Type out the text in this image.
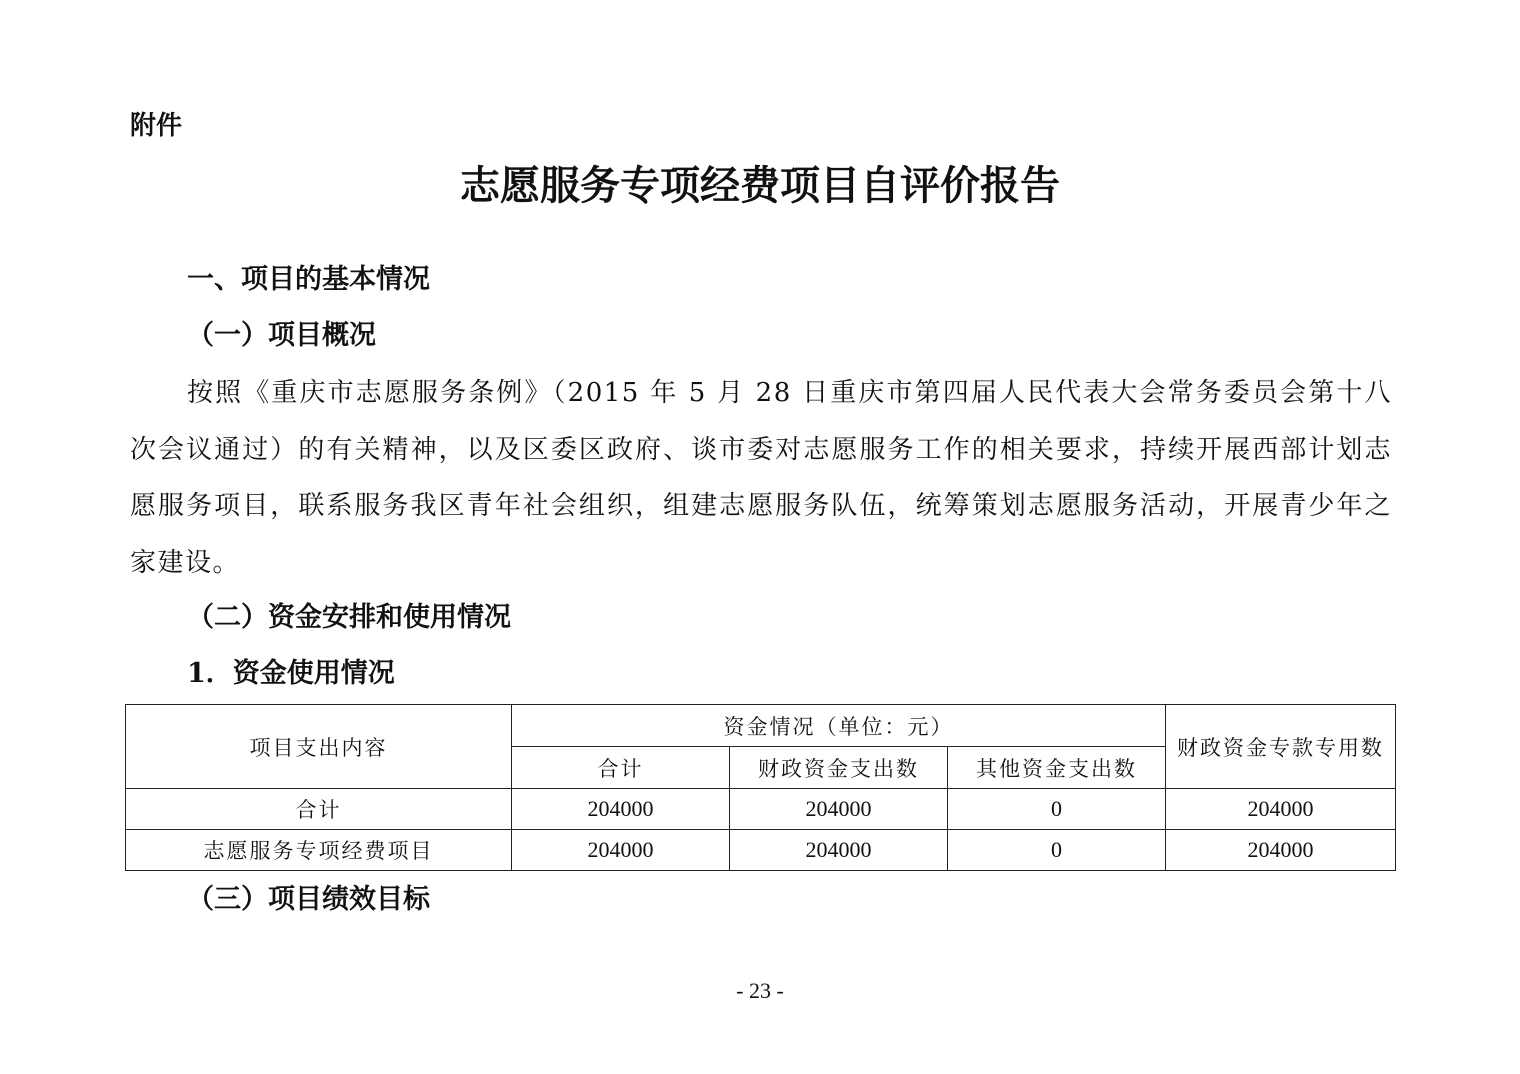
附件
志愿服务专项经费项目自评价报告
一、项目的基本情况
（一）项目概况
按照《重庆市志愿服务条例》（2015 年 5 月 28 日重庆市第四届人民代表大会常务委员会第十八次会议通过）的有关精神，以及区委区政府、谈市委对志愿服务工作的相关要求，持续开展西部计划志愿服务项目，联系服务我区青年社会组织，组建志愿服务队伍，统筹策划志愿服务活动，开展青少年之家建设。
（二）资金安排和使用情况
1．资金使用情况
项目支出内容	资金情况（单位：元）			财政资金专款专用数
	合计	财政资金支出数	其他资金支出数	
合计	204000	204000	0	204000
志愿服务专项经费项目	204000	204000	0	204000
（三）项目绩效目标
- 23 -
